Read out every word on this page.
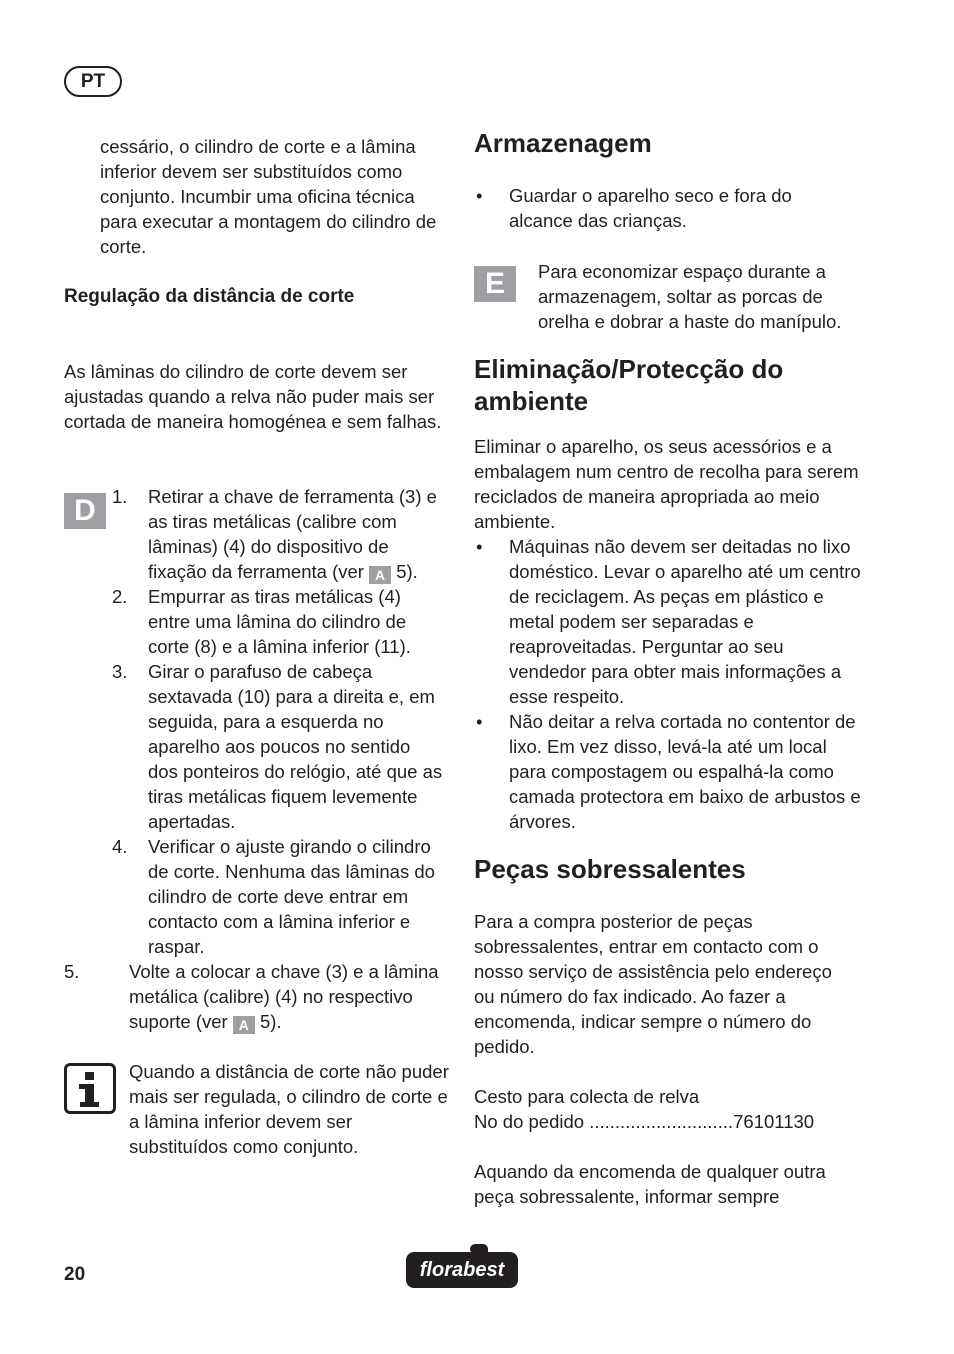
PT
cessário, o cilindro de corte e a lâmina inferior devem ser substituídos como conjunto. Incumbir uma oficina técnica para executar a montagem do cilindro de corte.
Regulação da distância de corte
As lâminas do cilindro de corte devem ser ajustadas quando a relva não puder mais ser cortada de maneira homogénea e sem falhas.
D 1. Retirar a chave de ferramenta (3) e as tiras metálicas (calibre com lâminas) (4) do dispositivo de fixação da ferramenta (ver A 5).
2. Empurrar as tiras metálicas (4) entre uma lâmina do cilindro de corte (8) e a lâmina inferior (11).
3. Girar o parafuso de cabeça sextavada (10) para a direita e, em seguida, para a esquerda no aparelho aos poucos no sentido dos ponteiros do relógio, até que as tiras metálicas fiquem levemente apertadas.
4. Verificar o ajuste girando o cilindro de corte. Nenhuma das lâminas do cilindro de corte deve entrar em contacto com a lâmina inferior e raspar.
5.	Volte a colocar a chave (3) e a lâmina metálica (calibre) (4) no respectivo suporte (ver A 5).
Quando a distância de corte não puder mais ser regulada, o cilindro de corte e a lâmina inferior devem ser substituídos como conjunto.
Armazenagem
• Guardar o aparelho seco e fora do alcance das crianças.
E	Para economizar espaço durante a armazenagem, soltar as porcas de orelha e dobrar a haste do manípulo.
Eliminação/Protecção do ambiente
Eliminar o aparelho, os seus acessórios e a embalagem num centro de recolha para serem reciclados de maneira apropriada ao meio ambiente.
• Máquinas não devem ser deitadas no lixo doméstico. Levar o aparelho até um centro de reciclagem. As peças em plástico e metal podem ser separadas e reaproveitadas. Perguntar ao seu vendedor para obter mais informações a esse respeito.
• Não deitar a relva cortada no contentor de lixo. Em vez disso, levá-la até um local para compostagem ou espalhá-la como camada protectora em baixo de arbustos e árvores.
Peças sobressalentes
Para a compra posterior de peças sobressalentes, entrar em contacto com o nosso serviço de assistência pelo endereço ou número do fax indicado. Ao fazer a encomenda, indicar sempre o número do pedido.
Cesto para colecta de relva
No do pedido ............................76101130
Aquando da encomenda de qualquer outra peça sobressalente, informar sempre
20	florabest
